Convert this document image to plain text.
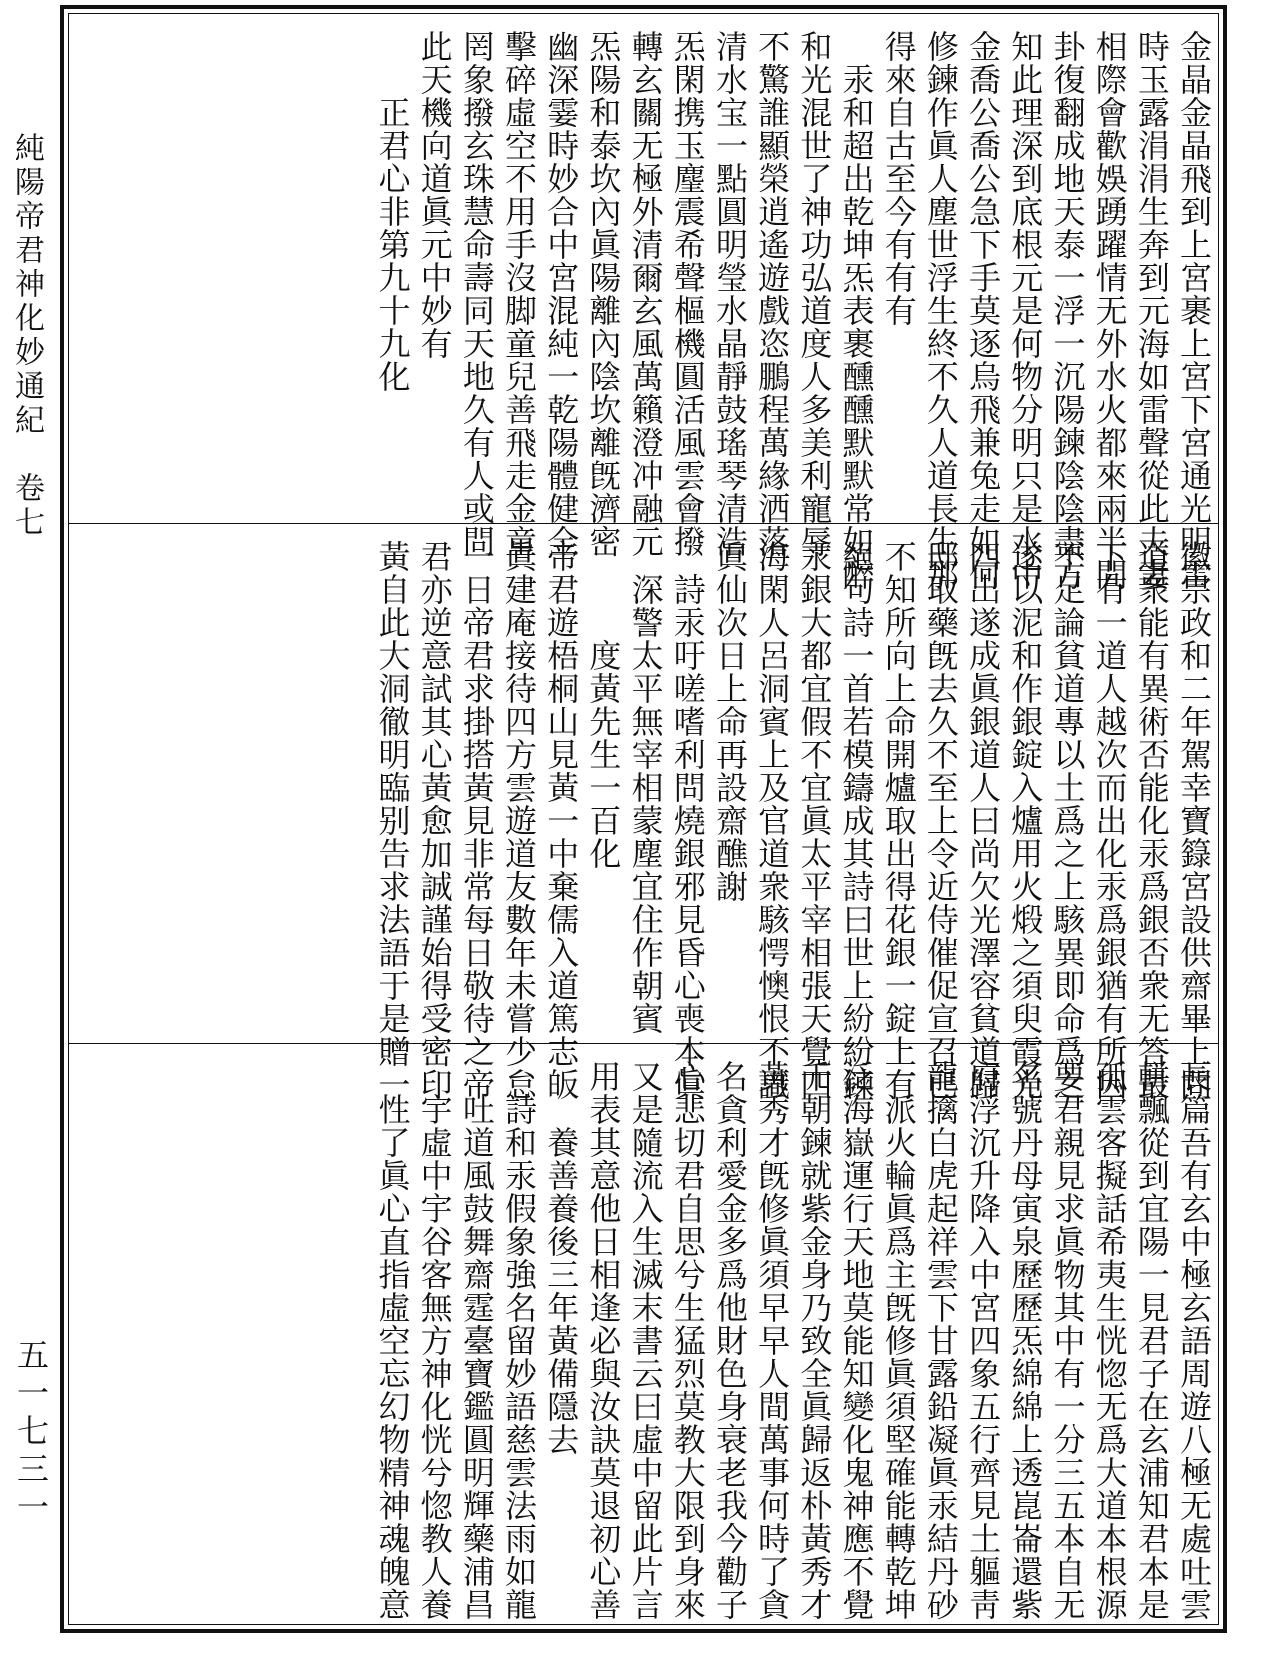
純陽帝君神化妙通紀　卷七
五一七三一
金晶金晶飛到上宮裹上宮下宮通光明雷
時玉露涓涓生奔到元海如雷聲從此夫妻
相際會歡娛踴躍情无外水火都來兩半間
卦復翻成地天泰一浮一沉陽鍊陰陰盡方
知此理深到底根元是何物分明只是水中
金喬公喬公急下手莫逐烏飛兼兔走如何
修鍊作眞人塵世浮生終不久人道長生那
得來自古至今有有有
　汞和超出乾坤炁表裹醺醺默默常如醉
和光混世了神功弘道度人多美利寵辱
不驚誰顯榮逍遙遊戲恣鵬程萬緣洒落
清水宝一點圓明瑩水晶靜鼓瑤琴清浩
炁閑携玉麈震希聲樞機圓活風雲會撥
轉玄關无極外清爾玄風萬籟澄冲融元
炁陽和泰坎內眞陽離內陰坎離旣濟密
幽深霎時妙合中宮混純一乾陽體健全
擊碎虛空不用手沒脚童兒善飛走金童
罔象撥玄珠慧命壽同天地久有人或問
此天機向道眞元中妙有
　　正君心非第九十九化
徽宗政和二年駕幸寶籙宮設供齋畢上問
道衆能有異術否能化汞爲銀否衆无答最
下有一道人越次而出化汞爲銀猶有所因
不足論貧道專以土爲之上駭異即命爲之
遂以泥和作銀錠入爐用火煅之須臾霞光
四出遂成眞銀道人曰尚欠光澤容貧道歸
邸取藥旣去久不至上令近侍催促宣召已
不知所向上命開爐取出得花銀一錠上有
絕句詩一首若模鑄成其詩曰世上紛紛鍊
汞銀大都宜假不宜眞太平宰相張天覺四
海閑人呂洞賓上及官道衆駭愕懊恨不識
眞仙次日上命再設齋醮謝
　詩汞吁嗟嗜利問燒銀邪見昏心喪本眞
　深警太平無宰相蒙塵宜住作朝賓
　　　度黃先生一百化
帝君遊梧桐山見黃一中棄儒入道篤志皈
眞建庵接待四方雲遊道友數年未嘗少怠
一日帝君求掛搭黃見非常每日敬待之帝
君亦逆意試其心黃愈加誠謹始得受密印
黃自此大洞徹明臨别告求法語于是贈一
長篇吾有玄中極玄語周遊八極无處吐雲
軿飄從到宜陽一見君子在玄浦知君本是
孤雲客擬話希夷生恍惚无爲大道本根源
要君親見求眞物其中有一分三五本自无
名號丹母寅泉歷歷炁綿綿上透崑崙還紫
府浮沉升降入中宮四象五行齊見土軀靑
龍擒白虎起祥雲下甘露鉛凝眞汞結丹砂
一派火輪眞爲主旣修眞須堅確能轉乾坤
泛海嶽運行天地莫能知變化鬼神應不覺
千朝鍊就紫金身乃致全眞歸返朴黃秀才
黃秀才旣修眞須早早人間萬事何時了貪
名貪利愛金多爲他財色身衰老我今勸子
心悲切君自思兮生猛烈莫教大限到身來
又是隨流入生滅末書云曰虛中留此片言
用表其意他日相逢必與汝訣莫退初心善
　　養善養後三年黃備隱去
　詩和汞假象強名留妙語慈雲法雨如龍
　吐道風鼓舞齋霆臺寶鑑圓明輝藥浦昌
　宇虛中宇谷客無方神化恍兮惚教人養
　性了眞心直指虛空忘幻物精神魂魄意
